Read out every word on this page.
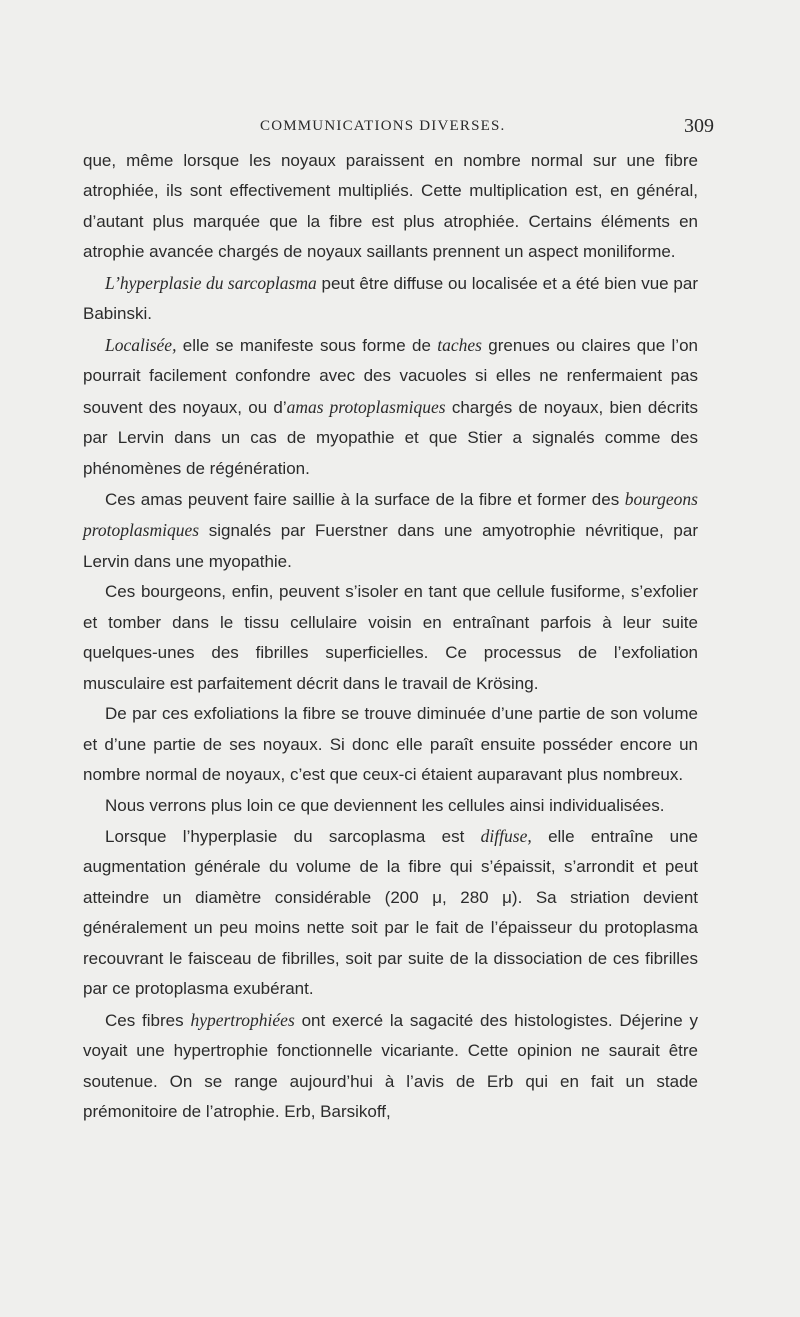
COMMUNICATIONS DIVERSES.	309

que, même lorsque les noyaux paraissent en nombre normal sur une fibre atrophiée, ils sont effectivement multipliés. Cette multiplication est, en général, d’autant plus marquée que la fibre est plus atrophiée. Certains éléments en atrophie avancée chargés de noyaux saillants prennent un aspect moniliforme.

L’hyperplasie du sarcoplasma peut être diffuse ou localisée et a été bien vue par Babinski.

Localisée, elle se manifeste sous forme de taches grenues ou claires que l’on pourrait facilement confondre avec des vacuoles si elles ne renfermaient pas souvent des noyaux, ou d’amas protoplasmiques chargés de noyaux, bien décrits par Lervin dans un cas de myopathie et que Stier a signalés comme des phénomènes de régénération.

Ces amas peuvent faire saillie à la surface de la fibre et former des bourgeons protoplasmiques signalés par Fuerstner dans une amyotrophie névritique, par Lervin dans une myopathie.

Ces bourgeons, enfin, peuvent s’isoler en tant que cellule fusiforme, s’exfolier et tomber dans le tissu cellulaire voisin en entraînant parfois à leur suite quelques-unes des fibrilles superficielles. Ce processus de l’exfoliation musculaire est parfaitement décrit dans le travail de Krösing.

De par ces exfoliations la fibre se trouve diminuée d’une partie de son volume et d’une partie de ses noyaux. Si donc elle paraît ensuite posséder encore un nombre normal de noyaux, c’est que ceux-ci étaient auparavant plus nombreux.

Nous verrons plus loin ce que deviennent les cellules ainsi individualisées.

Lorsque l’hyperplasie du sarcoplasma est diffuse, elle entraîne une augmentation générale du volume de la fibre qui s’épaissit, s’arrondit et peut atteindre un diamètre considérable (200 μ, 280 μ). Sa striation devient généralement un peu moins nette soit par le fait de l’épaisseur du protoplasma recouvrant le faisceau de fibrilles, soit par suite de la dissociation de ces fibrilles par ce protoplasma exubérant.

Ces fibres hypertrophiées ont exercé la sagacité des histologistes. Déjerine y voyait une hypertrophie fonctionnelle vicariante. Cette opinion ne saurait être soutenue. On se range aujourd’hui à l’avis de Erb qui en fait un stade prémonitoire de l’atrophie. Erb, Barsikoff,
